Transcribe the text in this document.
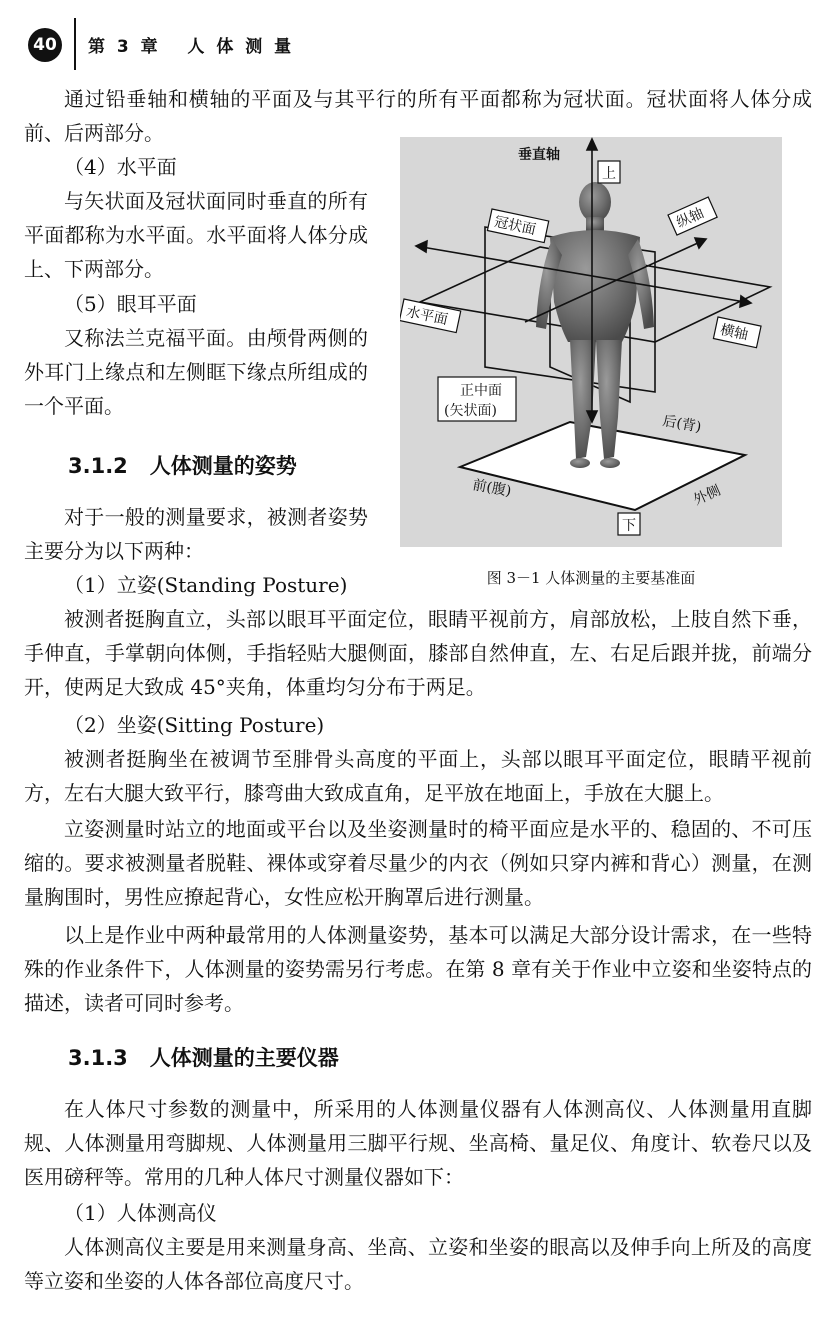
40	第 3 章   人 体 测 量

通过铅垂轴和横轴的平面及与其平行的所有平面都称为冠状面。冠状面将人体分成前、后两部分。

（4）水平面

与矢状面及冠状面同时垂直的所有平面都称为水平面。水平面将人体分成上、下两部分。

（5）眼耳平面

又称法兰克福平面。由颅骨两侧的外耳门上缘点和左侧眶下缘点所组成的一个平面。

3.1.2   人体测量的姿势

对于一般的测量要求，被测者姿势主要分为以下两种：

（1）立姿(Standing Posture)

垂直轴
上
冠状面	纵轴
水平面
横轴
正中面
(矢状面)
后(背)
前(腹)	外侧
下
图 3－1 人体测量的主要基准面

被测者挺胸直立，头部以眼耳平面定位，眼睛平视前方，肩部放松，上肢自然下垂，手伸直，手掌朝向体侧，手指轻贴大腿侧面，膝部自然伸直，左、右足后跟并拢，前端分开，使两足大致成 45°夹角，体重均匀分布于两足。

（2）坐姿(Sitting Posture)

被测者挺胸坐在被调节至腓骨头高度的平面上，头部以眼耳平面定位，眼睛平视前方，左右大腿大致平行，膝弯曲大致成直角，足平放在地面上，手放在大腿上。

立姿测量时站立的地面或平台以及坐姿测量时的椅平面应是水平的、稳固的、不可压缩的。要求被测量者脱鞋、裸体或穿着尽量少的内衣（例如只穿内裤和背心）测量，在测量胸围时，男性应撩起背心，女性应松开胸罩后进行测量。

以上是作业中两种最常用的人体测量姿势，基本可以满足大部分设计需求，在一些特殊的作业条件下，人体测量的姿势需另行考虑。在第 8 章有关于作业中立姿和坐姿特点的描述，读者可同时参考。

3.1.3   人体测量的主要仪器

在人体尺寸参数的测量中，所采用的人体测量仪器有人体测高仪、人体测量用直脚规、人体测量用弯脚规、人体测量用三脚平行规、坐高椅、量足仪、角度计、软卷尺以及医用磅秤等。常用的几种人体尺寸测量仪器如下：

（1）人体测高仪

人体测高仪主要是用来测量身高、坐高、立姿和坐姿的眼高以及伸手向上所及的高度等立姿和坐姿的人体各部位高度尺寸。
